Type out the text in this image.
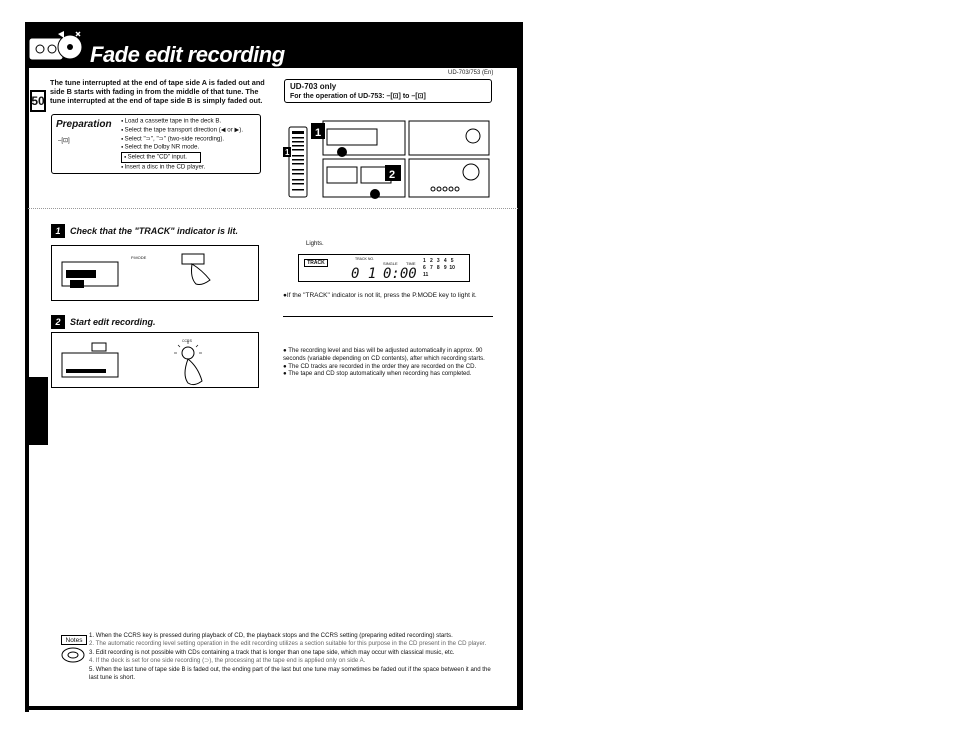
Fade edit recording
50
The tune interrupted at the end of tape side A is faded out and side B starts with fading in from the middle of that tune. The tune interrupted at the end of tape side B is simply faded out.
UD-703/753 (En)
UD-703 only
For the operation of UD-753: –[⊡] to –[⊡]
Preparation
–[⊡]
● Load a cassette tape in the deck B.
● Select the tape transport direction (◀ or ▶).
● Select "⊃", "⊃" (two-side recording).
● Select the Dolby NR mode.
● Select the "CD" input.
● Insert a disc in the CD player.
1
1
2
1	Check that the "TRACK" indicator is lit.
P.MODE
Lights.
TRACK
TRACK NO.
SINGLE TIME
0 1 0:00
1   2   3   4   5
6   7   8   9  10
11
●If the "TRACK" indicator is not lit, press the P.MODE key to light it.
2	Start edit recording.
CCRS

● The recording level and bias will be adjusted automatically in approx. 90 seconds (variable depending on CD contents), after which recording starts.

● The CD tracks are recorded in the order they are recorded on the CD.

● The tape and CD stop automatically when recording has completed.

Notes

1. When the CCRS key is pressed during playback of CD, the playback stops and the CCRS setting (preparing edited recording) starts.

2. The automatic recording level setting operation in the edit recording utilizes a section suitable for this purpose in the CD present in the CD player.

3. Edit recording is not possible with CDs containing a track that is longer than one tape side, which may occur with classical music, etc.

4. If the deck is set for one side recording (⊃), the processing at the tape end is applied only on side A.

5. When the last tune of tape side B is faded out, the ending part of the last but one tune may sometimes be faded out if the space between it and the last tune is short.
